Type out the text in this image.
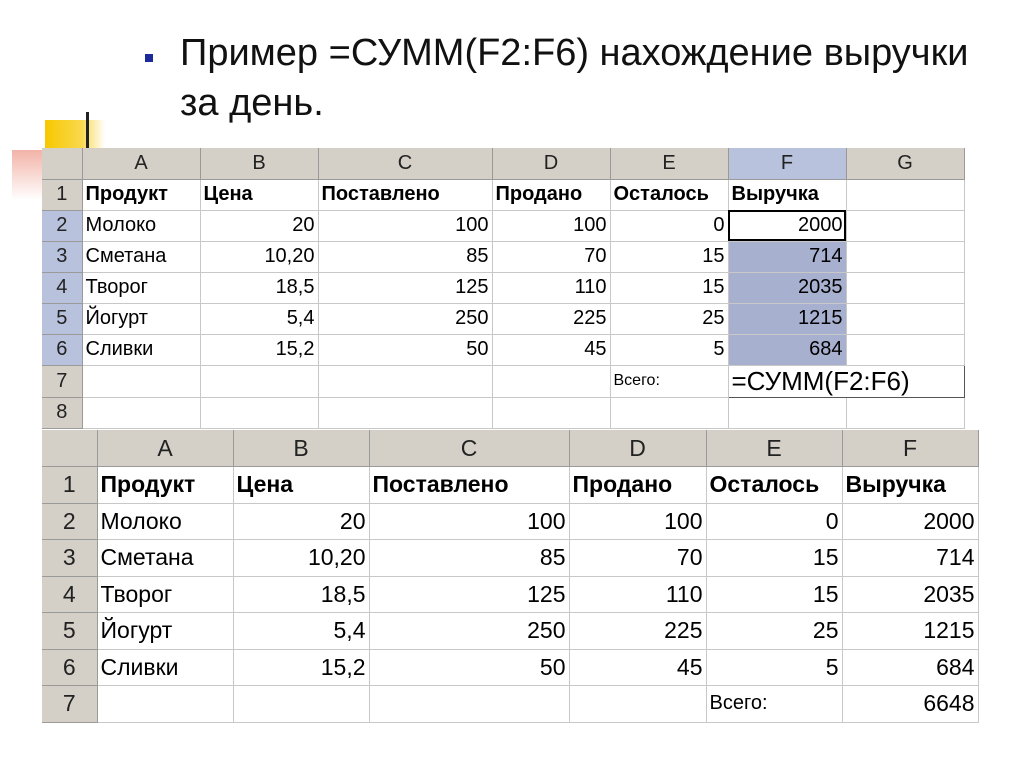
Пример =СУММ(F2:F6) нахождение выручки за день.
	A	B	C	D	E	F	G
1	Продукт	Цена	Поставлено	Продано	Осталось	Выручка	
2	Молоко	20	100	100	0	2000	
3	Сметана	10,20	85	70	15	714	
4	Творог	18,5	125	110	15	2035	
5	Йогурт	5,4	250	225	25	1215	
6	Сливки	15,2	50	45	5	684	
7					Всего:	=СУММ(F2:F6)	
8							
	A	B	C	D	E	F
1	Продукт	Цена	Поставлено	Продано	Осталось	Выручка
2	Молоко	20	100	100	0	2000
3	Сметана	10,20	85	70	15	714
4	Творог	18,5	125	110	15	2035
5	Йогурт	5,4	250	225	25	1215
6	Сливки	15,2	50	45	5	684
7					Всего:	6648
